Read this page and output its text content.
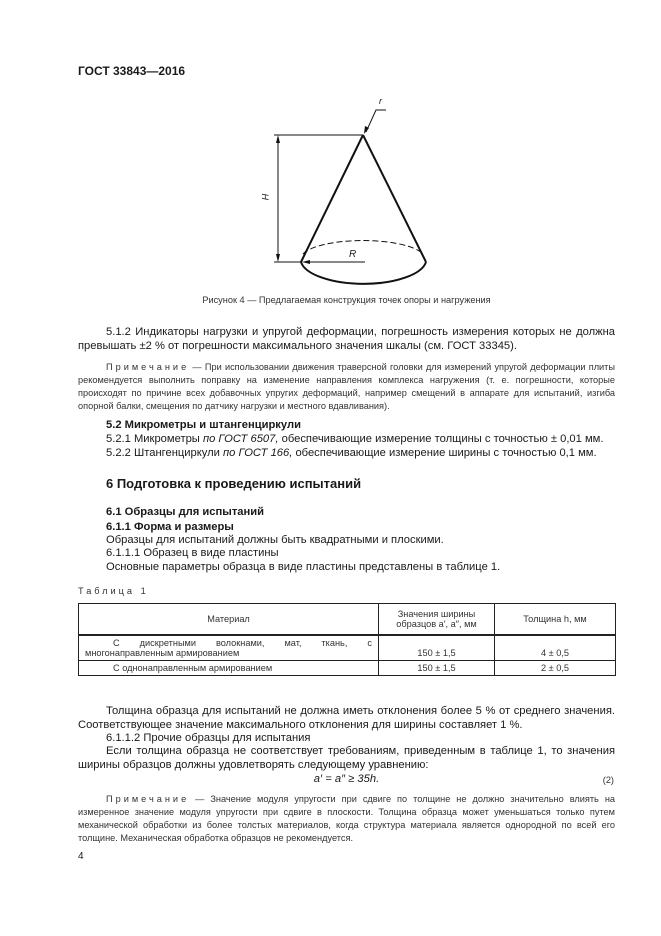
ГОСТ 33843—2016
r
H
R
Рисунок 4 — Предлагаемая конструкция точек опоры и нагружения
5.1.2 Индикаторы нагрузки и упругой деформации, погрешность измерения которых не должна превышать ±2 % от погрешности максимального значения шкалы (см. ГОСТ 33345).
Примечание — При использовании движения траверсной головки для измерений упругой деформации плиты рекомендуется выполнить поправку на изменение направления комплекса нагружения (т. е. погрешности, которые происходят по причине всех добавочных упругих деформаций, например смещений в аппарате для испытаний, изгиба опорной балки, смещения по датчику нагрузки и местного вдавливания).
5.2 Микрометры и штангенциркули
5.2.1 Микрометры по ГОСТ 6507, обеспечивающие измерение толщины с точностью ± 0,01 мм.
5.2.2 Штангенциркули по ГОСТ 166, обеспечивающие измерение ширины с точностью 0,1 мм.
6 Подготовка к проведению испытаний
6.1 Образцы для испытаний
6.1.1 Форма и размеры
Образцы для испытаний должны быть квадратными и плоскими.
6.1.1.1 Образец в виде пластины
Основные параметры образца в виде пластины представлены в таблице 1.
Таблица 1
Материал	Значения ширины образцов a′, a″, мм	Толщина h, мм
С дискретными волокнами, мат, ткань, с многонаправленным армированием	150 ± 1,5	4 ± 0,5
С однонаправленным армированием	150 ± 1,5	2 ± 0,5
Толщина образца для испытаний не должна иметь отклонения более 5 % от среднего значения. Соответствующее значение максимального отклонения для ширины составляет 1 %.
6.1.1.2 Прочие образцы для испытания
Если толщина образца не соответствует требованиям, приведенным в таблице 1, то значения ширины образцов должны удовлетворять следующему уравнению:
a′ = a″ ≥ 35h.	(2)
Примечание — Значение модуля упругости при сдвиге по толщине не должно значительно влиять на измеренное значение модуля упругости при сдвиге в плоскости. Толщина образца может уменьшаться только путем механической обработки из более толстых материалов, когда структура материала является однородной по всей его толщине. Механическая обработка образцов не рекомендуется.
4
